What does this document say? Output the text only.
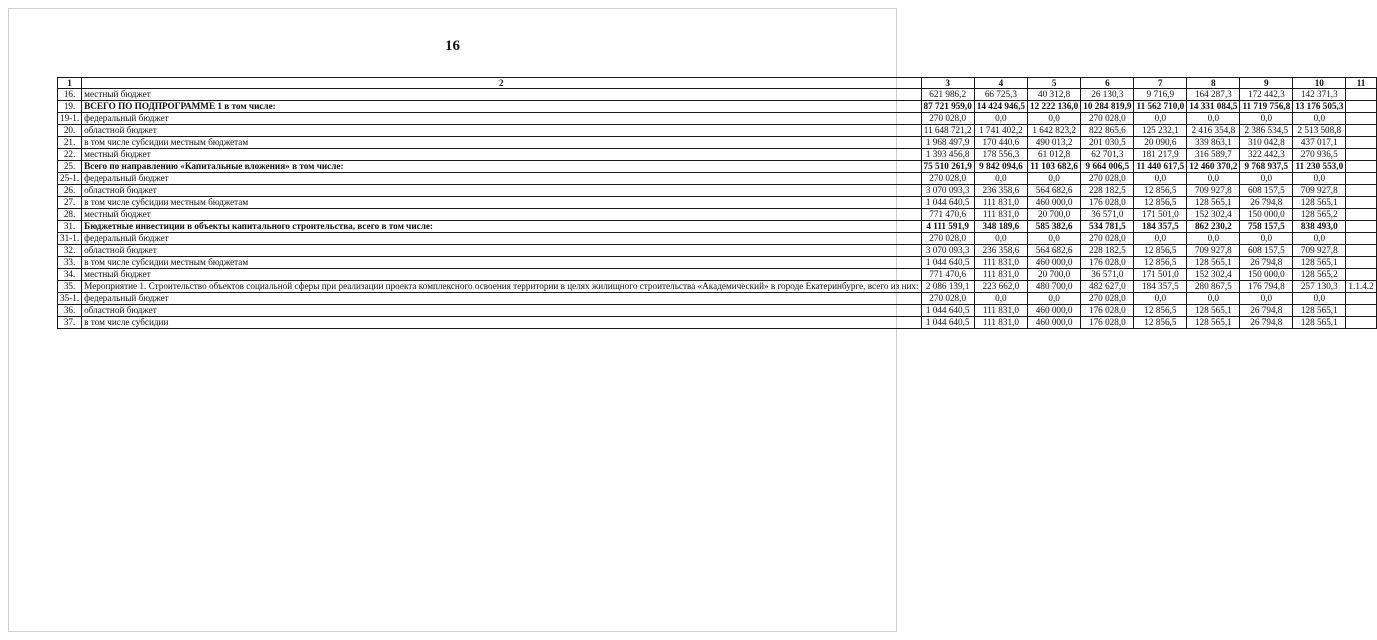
16
1	2	3	4	5	6	7	8	9	10	11
16.	местный бюджет	621 986,2	66 725,3	40 312,8	26 130,3	9 716,9	164 287,3	172 442,3	142 371,3	
19.	ВСЕГО ПО ПОДПРОГРАММЕ 1 в том числе:	87 721 959,0	14 424 946,5	12 222 136,0	10 284 819,9	11 562 710,0	14 331 084,5	11 719 756,8	13 176 505,3	
19-1.	федеральный бюджет	270 028,0	0,0	0,0	270 028,0	0,0	0,0	0,0	0,0	
20.	областной бюджет	11 648 721,2	1 741 402,2	1 642 823,2	822 865,6	125 232,1	2 416 354,8	2 386 534,5	2 513 508,8	
21.	в том числе субсидии местным бюджетам	1 968 497,9	170 440,6	490 013,2	201 030,5	20 090,6	339 863,1	310 042,8	437 017,1	
22.	местный бюджет	1 393 456,8	178 556,3	61 012,8	62 701,3	181 217,9	316 589,7	322 442,3	270 936,5	
25.	Всего по направлению «Капитальные вложения» в том числе:	75 510 261,9	9 842 094,6	11 103 682,6	9 664 006,5	11 440 617,5	12 460 370,2	9 768 937,5	11 230 553,0	
25-1.	федеральный бюджет	270 028,0	0,0	0,0	270 028,0	0,0	0,0	0,0	0,0	
26.	областной бюджет	3 070 093,3	236 358,6	564 682,6	228 182,5	12 856,5	709 927,8	608 157,5	709 927,8	
27.	в том числе субсидии местным бюджетам	1 044 640,5	111 831,0	460 000,0	176 028,0	12 856,5	128 565,1	26 794,8	128 565,1	
28.	местный бюджет	771 470,6	111 831,0	20 700,0	36 571,0	171 501,0	152 302,4	150 000,0	128 565,2	
31.	Бюджетные инвестиции в объекты капитального строительства, всего в том числе:	4 111 591,9	348 189,6	585 382,6	534 781,5	184 357,5	862 230,2	758 157,5	838 493,0	
31-1.	федеральный бюджет	270 028,0	0,0	0,0	270 028,0	0,0	0,0	0,0	0,0	
32.	областной бюджет	3 070 093,3	236 358,6	564 682,6	228 182,5	12 856,5	709 927,8	608 157,5	709 927,8	
33.	в том числе субсидии местным бюджетам	1 044 640,5	111 831,0	460 000,0	176 028,0	12 856,5	128 565,1	26 794,8	128 565,1	
34.	местный бюджет	771 470,6	111 831,0	20 700,0	36 571,0	171 501,0	152 302,4	150 000,0	128 565,2	
35.	Мероприятие 1. Строительство объектов социальной сферы при реализации проекта комплексного освоения территории в целях жилищного строительства «Академический» в городе Екатеринбурге, всего из них:	2 086 139,1	223 662,0	480 700,0	482 627,0	184 357,5	280 867,5	176 794,8	257 130,3	1.1.4.2
35-1.	федеральный бюджет	270 028,0	0,0	0,0	270 028,0	0,0	0,0	0,0	0,0	
36.	областной бюджет	1 044 640,5	111 831,0	460 000,0	176 028,0	12 856,5	128 565,1	26 794,8	128 565,1	
37.	в том числе субсидии	1 044 640,5	111 831,0	460 000,0	176 028,0	12 856,5	128 565,1	26 794,8	128 565,1	
